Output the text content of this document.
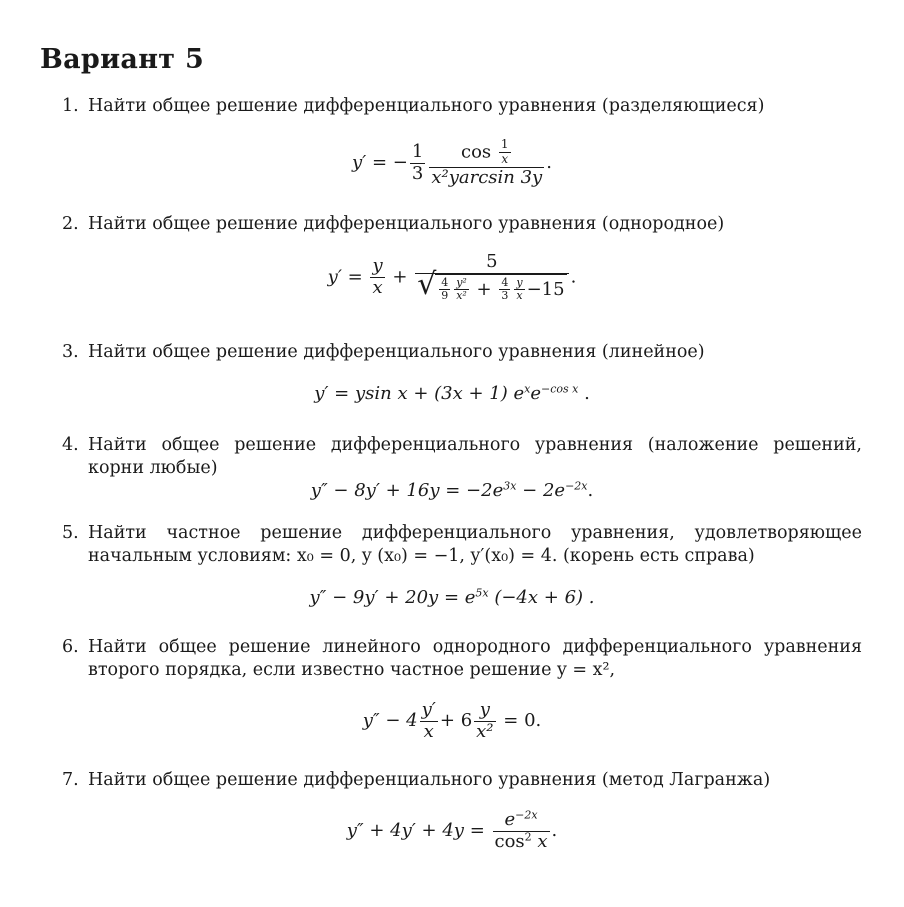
Вариант 5
1. Найти общее решение дифференциального уравнения (разделяющиеся)
y′ = − $\frac{1}{3} \frac{\cos \frac{1}{x}}{\text{x²yarcsin 3y}}$ .
2. Найти общее решение дифференциального уравнения (однородное)
$y' = \frac{y}{x} + \frac{5}{√ \frac{4}{9} \frac{\text{y²}}{\text{x²}} + \frac{4}{3} \frac{y}{x} -15}$ .
3. Найти общее решение дифференциального уравнения (линейное)
y′ = ysin x + (3x + 1) $e^xe^{-cos x}$ .
4. Найти общее решение дифференциального уравнения (наложение решений, корни любые)
$y'' - 8y' + 16y = -2e^{3x} - 2e^{-2x}$.
5. Найти частное решение дифференциального уравнения, удовлетворяющее начальным условиям: x₀ = 0, y (x₀) = −1, y′(x₀) = 4. (корень есть справа)
$y'' - 9y' + 20y = e^{5x}$ (−4x + 6) .
6. Найти общее решение линейного однородного дифференциального уравнения второго порядка, если известно частное решение y = x²,
$y'' - 4 \frac{y'}{x} + 6 \frac{y}{\text{x²}} = 0$.
7. Найти общее решение дифференциального уравнения (метод Лагранжа)
$y'' + 4y' + 4y = \frac{e^{-2x}}{\cos^2 x}$ .
